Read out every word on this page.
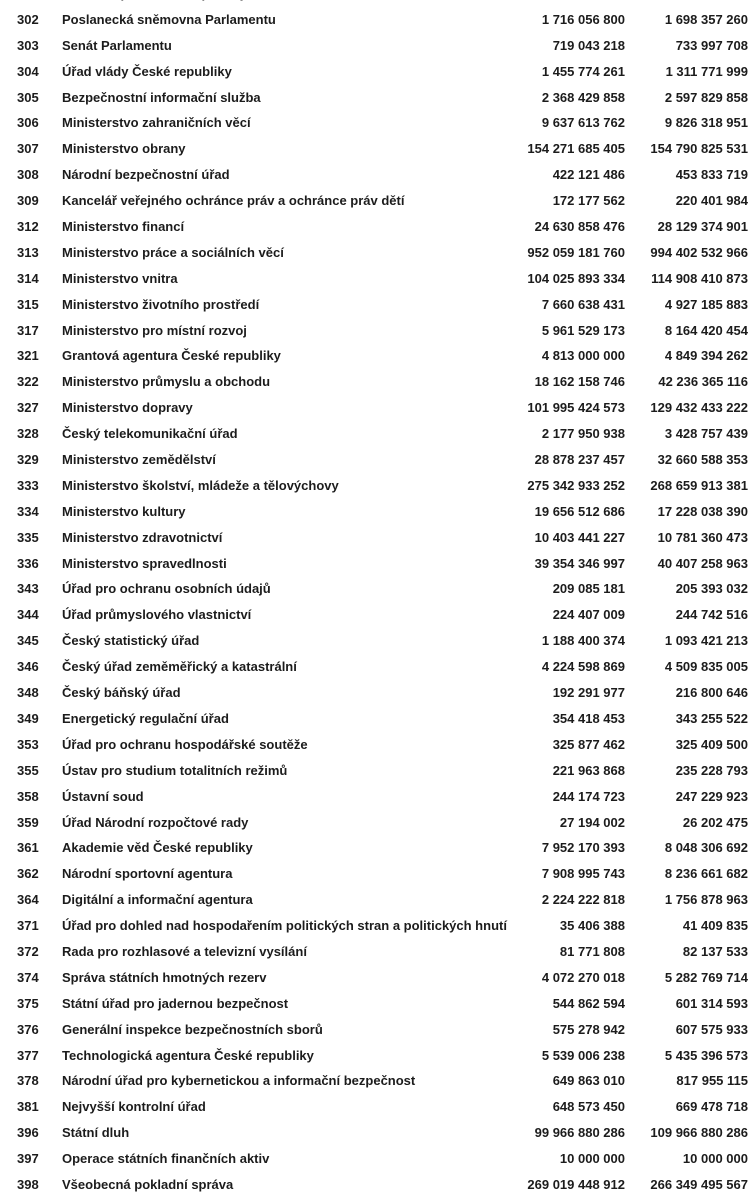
302	Poslanecká sněmovna Parlamentu	1 716 056 800	1 698 357 260
303	Senát Parlamentu	719 043 218	733 997 708
304	Úřad vlády České republiky	1 455 774 261	1 311 771 999
305	Bezpečnostní informační služba	2 368 429 858	2 597 829 858
306	Ministerstvo zahraničních věcí	9 637 613 762	9 826 318 951
307	Ministerstvo obrany	154 271 685 405	154 790 825 531
308	Národní bezpečnostní úřad	422 121 486	453 833 719
309	Kancelář veřejného ochránce práv a ochránce práv dětí	172 177 562	220 401 984
312	Ministerstvo financí	24 630 858 476	28 129 374 901
313	Ministerstvo práce a sociálních věcí	952 059 181 760	994 402 532 966
314	Ministerstvo vnitra	104 025 893 334	114 908 410 873
315	Ministerstvo životního prostředí	7 660 638 431	4 927 185 883
317	Ministerstvo pro místní rozvoj	5 961 529 173	8 164 420 454
321	Grantová agentura České republiky	4 813 000 000	4 849 394 262
322	Ministerstvo průmyslu a obchodu	18 162 158 746	42 236 365 116
327	Ministerstvo dopravy	101 995 424 573	129 432 433 222
328	Český telekomunikační úřad	2 177 950 938	3 428 757 439
329	Ministerstvo zemědělství	28 878 237 457	32 660 588 353
333	Ministerstvo školství, mládeže a tělovýchovy	275 342 933 252	268 659 913 381
334	Ministerstvo kultury	19 656 512 686	17 228 038 390
335	Ministerstvo zdravotnictví	10 403 441 227	10 781 360 473
336	Ministerstvo spravedlnosti	39 354 346 997	40 407 258 963
343	Úřad pro ochranu osobních údajů	209 085 181	205 393 032
344	Úřad průmyslového vlastnictví	224 407 009	244 742 516
345	Český statistický úřad	1 188 400 374	1 093 421 213
346	Český úřad zeměměřický a katastrální	4 224 598 869	4 509 835 005
348	Český báňský úřad	192 291 977	216 800 646
349	Energetický regulační úřad	354 418 453	343 255 522
353	Úřad pro ochranu hospodářské soutěže	325 877 462	325 409 500
355	Ústav pro studium totalitních režimů	221 963 868	235 228 793
358	Ústavní soud	244 174 723	247 229 923
359	Úřad Národní rozpočtové rady	27 194 002	26 202 475
361	Akademie věd České republiky	7 952 170 393	8 048 306 692
362	Národní sportovní agentura	7 908 995 743	8 236 661 682
364	Digitální a informační agentura	2 224 222 818	1 756 878 963
371	Úřad pro dohled nad hospodařením politických stran a politických hnutí	35 406 388	41 409 835
372	Rada pro rozhlasové a televizní vysílání	81 771 808	82 137 533
374	Správa státních hmotných rezerv	4 072 270 018	5 282 769 714
375	Státní úřad pro jadernou bezpečnost	544 862 594	601 314 593
376	Generální inspekce bezpečnostních sborů	575 278 942	607 575 933
377	Technologická agentura České republiky	5 539 006 238	5 435 396 573
378	Národní úřad pro kybernetickou a informační bezpečnost	649 863 010	817 955 115
381	Nejvyšší kontrolní úřad	648 573 450	669 478 718
396	Státní dluh	99 966 880 286	109 966 880 286
397	Operace státních finančních aktiv	10 000 000	10 000 000
398	Všeobecná pokladní správa	269 019 448 912	266 349 495 567
